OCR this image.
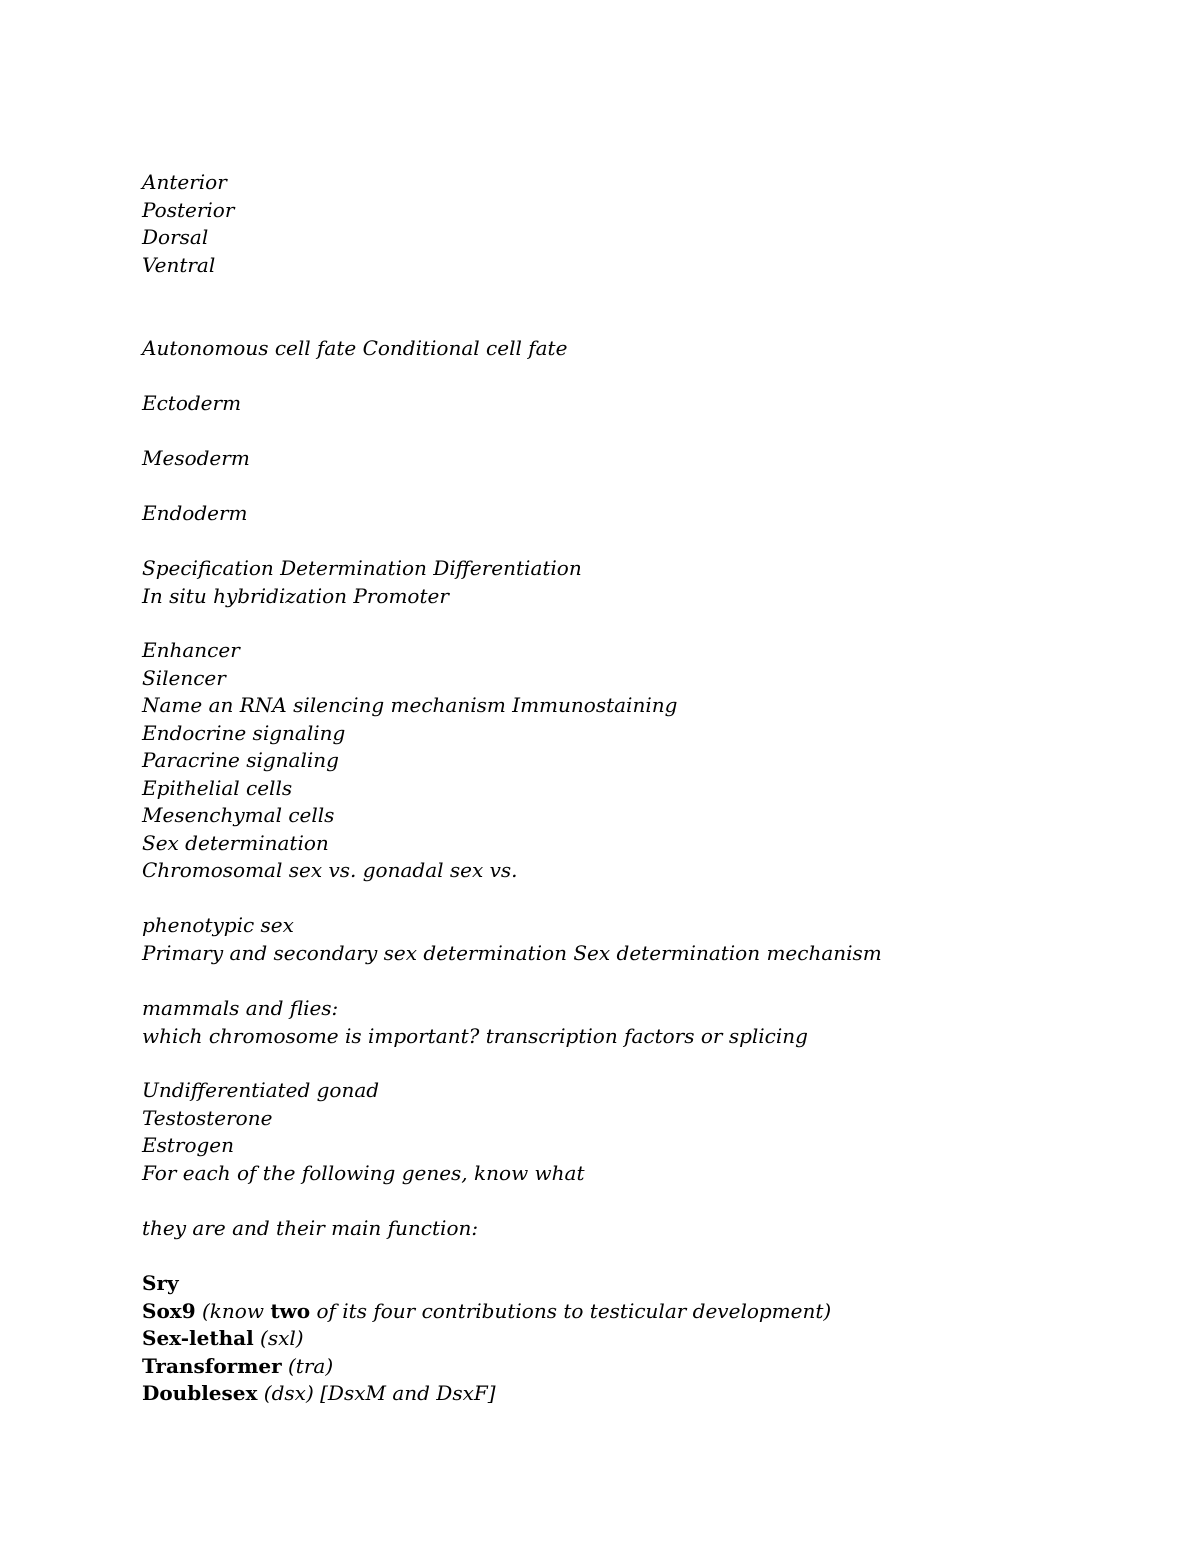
Anterior
Posterior
Dorsal
Ventral
Autonomous cell fate Conditional cell fate
Ectoderm
Mesoderm
Endoderm
Specification Determination Differentiation
In situ hybridization Promoter
Enhancer
Silencer
Name an RNA silencing mechanism Immunostaining
Endocrine signaling
Paracrine signaling
Epithelial cells
Mesenchymal cells
Sex determination
Chromosomal sex vs. gonadal sex vs.
phenotypic sex
Primary and secondary sex determination Sex determination mechanism
mammals and flies:
which chromosome is important? transcription factors or splicing
Undifferentiated gonad
Testosterone
Estrogen
For each of the following genes, know what
they are and their main function:
Sry
Sox9 (know two of its four contributions to testicular development)
Sex-lethal (sxl)
Transformer (tra)
Doublesex (dsx) [DsxM and DsxF]
